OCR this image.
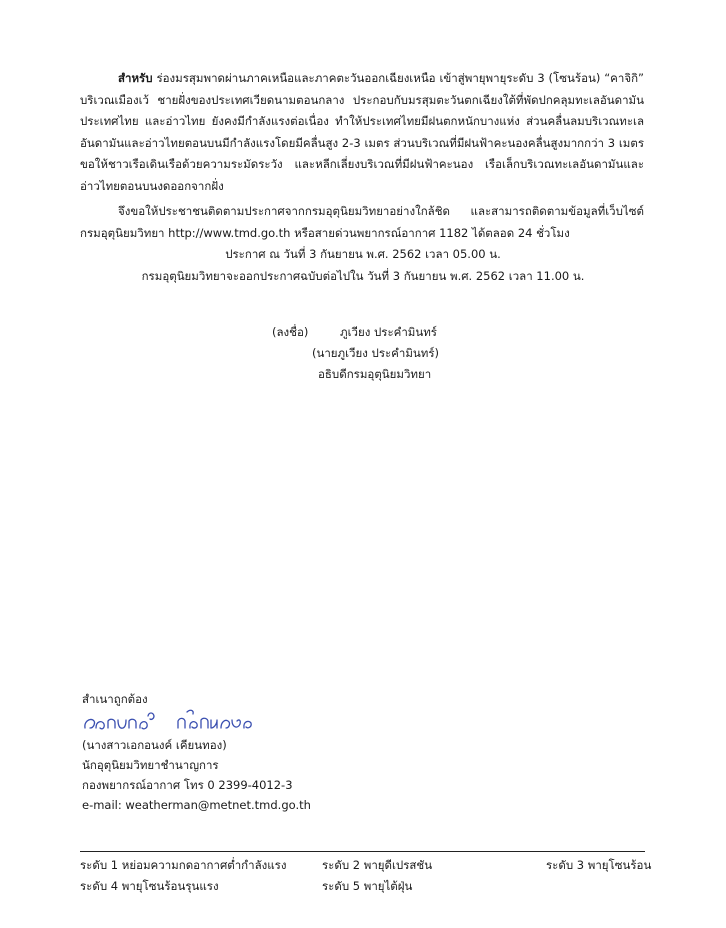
สำหรับ ร่องมรสุมพาดผ่านภาคเหนือและภาคตะวันออกเฉียงเหนือ เข้าสู่พายุพายุระดับ 3 (โซนร้อน) “คาจิกิ” บริเวณเมืองเว้ ชายฝั่งของประเทศเวียดนามตอนกลาง ประกอบกับมรสุมตะวันตกเฉียงใต้ที่พัดปกคลุมทะเลอันดามัน ประเทศไทย และอ่าวไทย ยังคงมีกำลังแรงต่อเนื่อง ทำให้ประเทศไทยมีฝนตกหนักบางแห่ง ส่วนคลื่นลมบริเวณทะเลอันดามันและอ่าวไทยตอนบนมีกำลังแรงโดยมีคลื่นสูง 2-3 เมตร ส่วนบริเวณที่มีฝนฟ้าคะนองคลื่นสูงมากกว่า 3 เมตร ขอให้ชาวเรือเดินเรือด้วยความระมัดระวัง และหลีกเลี่ยงบริเวณที่มีฝนฟ้าคะนอง เรือเล็กบริเวณทะเลอันดามันและอ่าวไทยตอนบนงดออกจากฝั่ง

จึงขอให้ประชาชนติดตามประกาศจากกรมอุตุนิยมวิทยาอย่างใกล้ชิด และสามารถติดตามข้อมูลที่เว็บไซต์กรมอุตุนิยมวิทยา http://www.tmd.go.th หรือสายด่วนพยากรณ์อากาศ 1182 ได้ตลอด 24 ชั่วโมง

ประกาศ ณ วันที่ 3 กันยายน พ.ศ. 2562 เวลา 05.00 น.

กรมอุตุนิยมวิทยาจะออกประกาศฉบับต่อไปใน วันที่ 3 กันยายน พ.ศ. 2562 เวลา 11.00 น.

(ลงชื่อ)	ภูเวียง ประคำมินทร์
(นายภูเวียง ประคำมินทร์)
อธิบดีกรมอุตุนิยมวิทยา
สำเนาถูกต้อง
(นางสาวเอกอนงค์ เคียนทอง)
นักอุตุนิยมวิทยาชำนาญการ
กองพยากรณ์อากาศ โทร 0 2399-4012-3
e-mail: weatherman@metnet.tmd.go.th
ระดับ 1 หย่อมความกดอากาศต่ำกำลังแรง	ระดับ 2 พายุดีเปรสชัน	ระดับ 3 พายุโซนร้อน
ระดับ 4 พายุโซนร้อนรุนแรง	ระดับ 5 พายุไต้ฝุ่น
